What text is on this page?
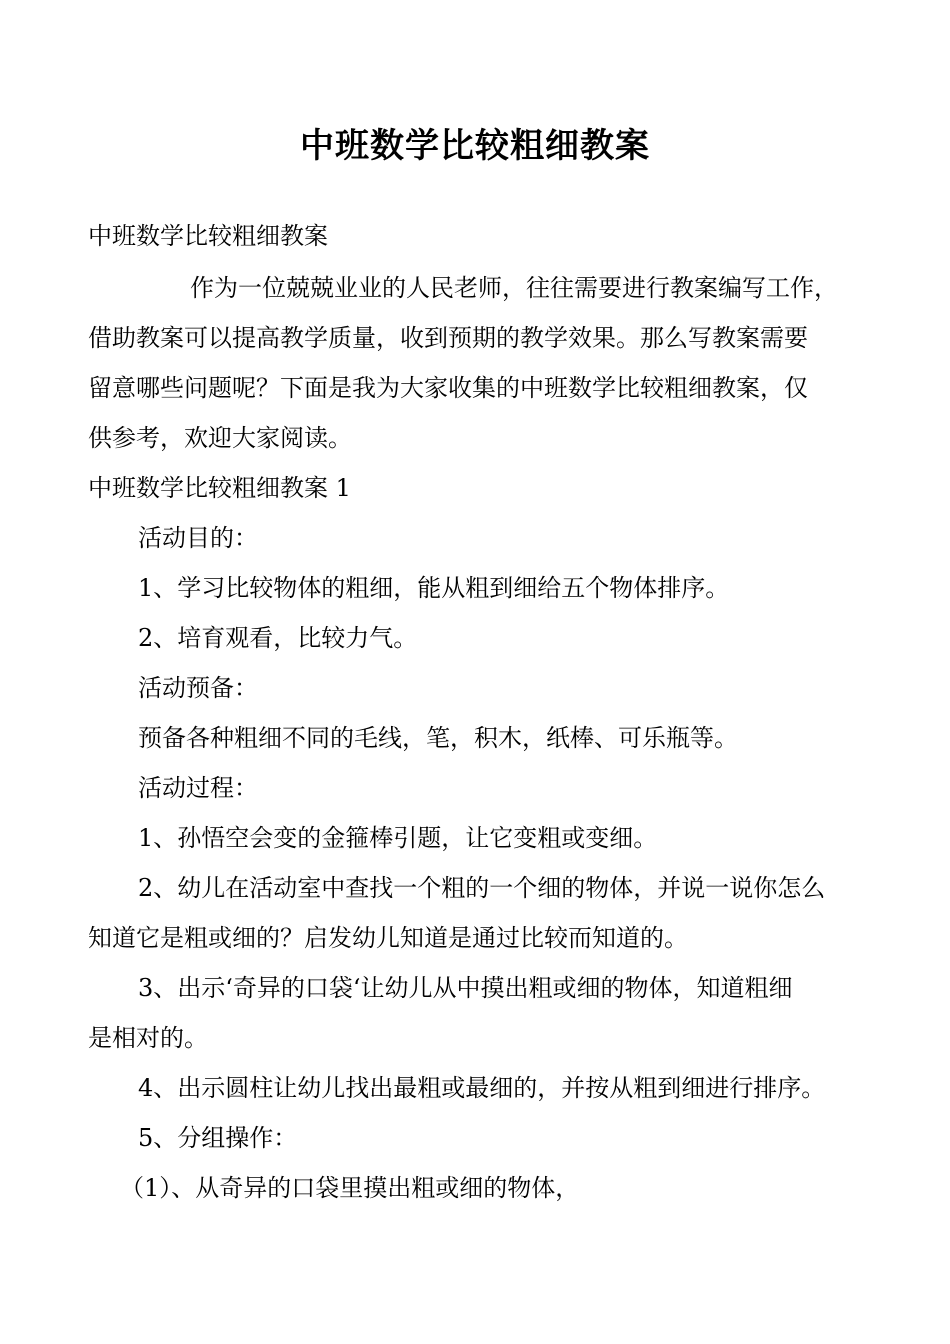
中班数学比较粗细教案
中班数学比较粗细教案
作为一位兢兢业业的人民老师，往往需要进行教案编写工作，
借助教案可以提高教学质量，收到预期的教学效果。那么写教案需要
留意哪些问题呢？下面是我为大家收集的中班数学比较粗细教案，仅
供参考，欢迎大家阅读。
中班数学比较粗细教案 1
活动目的：
1、学习比较物体的粗细，能从粗到细给五个物体排序。
2、培育观看，比较力气。
活动预备：
预备各种粗细不同的毛线，笔，积木，纸棒、可乐瓶等。
活动过程：
1、孙悟空会变的金箍棒引题，让它变粗或变细。
2、幼儿在活动室中查找一个粗的一个细的物体，并说一说你怎么
知道它是粗或细的？启发幼儿知道是通过比较而知道的。
3、出示‘奇异的口袋‘让幼儿从中摸出粗或细的物体，知道粗细
是相对的。
4、出示圆柱让幼儿找出最粗或最细的，并按从粗到细进行排序。
5、分组操作：
（1）、从奇异的口袋里摸出粗或细的物体，
